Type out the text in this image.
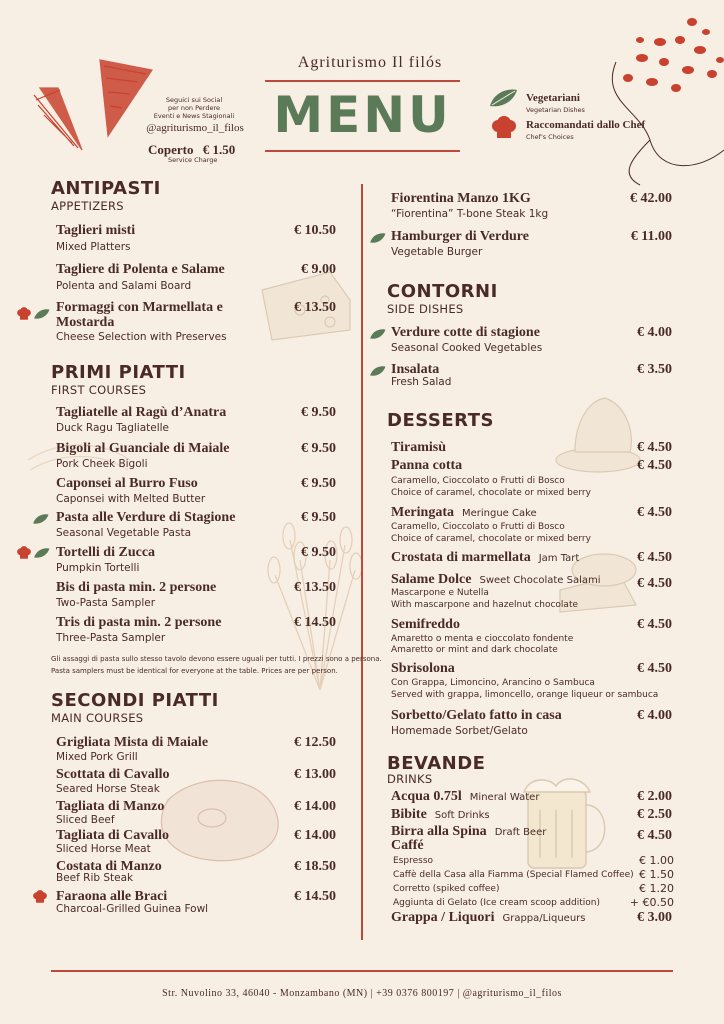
Agriturismo Il filós
MENU
Seguici sui Social
per non Perdere
Eventi e News Stagionali
@agriturismo_il_filos
Coperto € 1.50
Service Charge
Vegetariani
Vegetarian Dishes
Raccomandati dallo Chef
Chef's Choices
ANTIPASTI
APPETIZERS
Taglieri misti	€ 10.50
Mixed Platters
Tagliere di Polenta e Salame	€ 9.00
Polenta and Salami Board
Formaggi con Marmellata e
Mostarda
€ 13.50
Cheese Selection with Preserves
PRIMI PIATTI
FIRST COURSES
Tagliatelle al Ragù d’Anatra	€ 9.50
Duck Ragu Tagliatelle
Bigoli al Guanciale di Maiale	€ 9.50
Pork Cheek Bigoli
Caponsei al Burro Fuso	€ 9.50
Caponsei with Melted Butter
Pasta alle Verdure di Stagione	€ 9.50
Seasonal Vegetable Pasta
Tortelli di Zucca	€ 9.50
Pumpkin Tortelli
Bis di pasta min. 2 persone	€ 13.50
Two-Pasta Sampler
Tris di pasta min. 2 persone	€ 14.50
Three-Pasta Sampler
Gli assaggi di pasta sullo stesso tavolo devono essere uguali per tutti. I prezzi sono a persona.
Pasta samplers must be identical for everyone at the table. Prices are per person.
SECONDI PIATTI
MAIN COURSES
Grigliata Mista di Maiale	€ 12.50
Mixed Pork Grill
Scottata di Cavallo	€ 13.00
Seared Horse Steak
Tagliata di Manzo	€ 14.00
Sliced Beef
Tagliata di Cavallo	€ 14.00
Sliced Horse Meat
Costata di Manzo	€ 18.50
Beef Rib Steak
Faraona alle Braci	€ 14.50
Charcoal-Grilled Guinea Fowl
Fiorentina Manzo 1KG	€ 42.00
“Fiorentina” T-bone Steak 1kg
Hamburger di Verdure	€ 11.00
Vegetable Burger
CONTORNI
SIDE DISHES
Verdure cotte di stagione	€ 4.00
Seasonal Cooked Vegetables
Insalata	€ 3.50
Fresh Salad
DESSERTS
Tiramisù	€ 4.50
Panna cotta	€ 4.50
Caramello, Cioccolato o Frutti di Bosco
Choice of caramel, chocolate or mixed berry
Meringata Meringue Cake	€ 4.50
Caramello, Cioccolato o Frutti di Bosco
Choice of caramel, chocolate or mixed berry
Crostata di marmellata Jam Tart	€ 4.50
Salame Dolce Sweet Chocolate Salami	€ 4.50
Mascarpone e Nutella
With mascarpone and hazelnut chocolate
Semifreddo	€ 4.50
Amaretto o menta e cioccolato fondente
Amaretto or mint and dark chocolate
Sbrisolona	€ 4.50
Con Grappa, Limoncino, Arancino o Sambuca
Served with grappa, limoncello, orange liqueur or sambuca
Sorbetto/Gelato fatto in casa	€ 4.00
Homemade Sorbet/Gelato
BEVANDE
DRINKS
Acqua 0.75l Mineral Water	€ 2.00
Bibite Soft Drinks	€ 2.50
Birra alla Spina Draft Beer	€ 4.50
Caffé
Espresso	€ 1.00
Caffè della Casa alla Fiamma (Special Flamed Coffee) € 1.50
Corretto (spiked coffee)	€ 1.20
Aggiunta di Gelato (Ice cream scoop addition)	+ €0.50
Grappa / Liquori Grappa/Liqueurs	€ 3.00
Str. Nuvolino 33, 46040 - Monzambano (MN) | +39 0376 800197 | @agriturismo_il_filos
